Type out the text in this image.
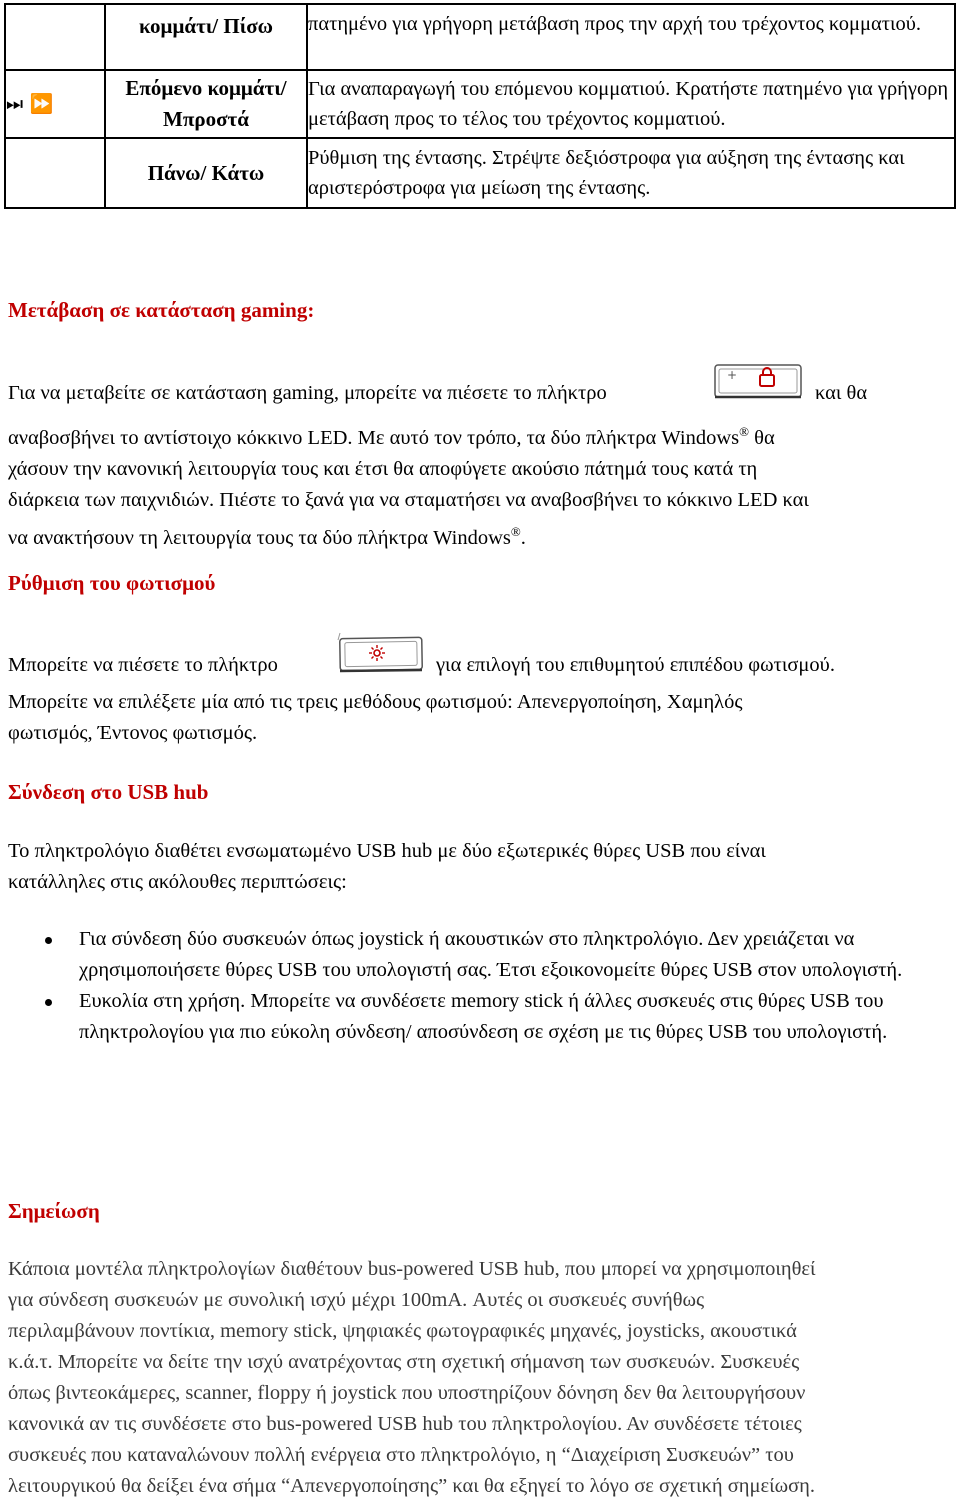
	κομμάτι/ Πίσω	πατημένο για γρήγορη μετάβαση προς την αρχή του τρέχοντος κομματιού.
⏭ ⏩	Επόμενο κομμάτι/ Μπροστά	Για αναπαραγωγή του επόμενου κομματιού. Κρατήστε πατημένο για γρήγορη μετάβαση προς το τέλος του τρέχοντος κομματιού.
	Πάνω/ Κάτω	Ρύθμιση της έντασης. Στρέψτε δεξιόστροφα για αύξηση της έντασης και αριστερόστροφα για μείωση της έντασης.
Μετάβαση σε κατάσταση gaming:
Για να μεταβείτε σε κατάσταση gaming, μπορείτε να πιέσετε το πλήκτρο
+
και θα
αναβοσβήνει το αντίστοιχο κόκκινο LED. Με αυτό τον τρόπο, τα δύο πλήκτρα Windows® θα
χάσουν την κανονική λειτουργία τους και έτσι θα αποφύγετε ακούσιο πάτημά τους κατά τη
διάρκεια των παιχνιδιών. Πιέστε το ξανά για να σταματήσει να αναβοσβήνει το κόκκινο LED και
να ανακτήσουν τη λειτουργία τους τα δύο πλήκτρα Windows®.
Ρύθμιση του φωτισμού
Μπορείτε να πιέσετε το πλήκτρο	για επιλογή του επιθυμητού επιπέδου φωτισμού.
Μπορείτε να επιλέξετε μία από τις τρεις μεθόδους φωτισμού: Απενεργοποίηση, Χαμηλός
φωτισμός, Έντονος φωτισμός.
Σύνδεση στο USB hub
Το πληκτρολόγιο διαθέτει ενσωματωμένο USB hub με δύο εξωτερικές θύρες USB που είναι
κατάλληλες στις ακόλουθες περιπτώσεις:
Για σύνδεση δύο συσκευών όπως joystick ή ακουστικών στο πληκτρολόγιο. Δεν χρειάζεται να χρησιμοποιήσετε θύρες USB του υπολογιστή σας. Έτσι εξοικονομείτε θύρες USB στον υπολογιστή.
Ευκολία στη χρήση. Μπορείτε να συνδέσετε memory stick ή άλλες συσκευές στις θύρες USB του πληκτρολογίου για πιο εύκολη σύνδεση/ αποσύνδεση σε σχέση με τις θύρες USB του υπολογιστή.
Σημείωση
Κάποια μοντέλα πληκτρολογίων διαθέτουν bus-powered USB hub, που μπορεί να χρησιμοποιηθεί
για σύνδεση συσκευών με συνολική ισχύ μέχρι 100mA. Αυτές οι συσκευές συνήθως
περιλαμβάνουν ποντίκια, memory stick, ψηφιακές φωτογραφικές μηχανές, joysticks, ακουστικά
κ.ά.τ. Μπορείτε να δείτε την ισχύ ανατρέχοντας στη σχετική σήμανση των συσκευών. Συσκευές
όπως βιντεοκάμερες, scanner, floppy ή joystick που υποστηρίζουν δόνηση δεν θα λειτουργήσουν
κανονικά αν τις συνδέσετε στο bus-powered USB hub του πληκτρολογίου. Αν συνδέσετε τέτοιες
συσκευές που καταναλώνουν πολλή ενέργεια στο πληκτρολόγιο, η “Διαχείριση Συσκευών” του
λειτουργικού θα δείξει ένα σήμα “Απενεργοποίησης” και θα εξηγεί το λόγο σε σχετική σημείωση.
